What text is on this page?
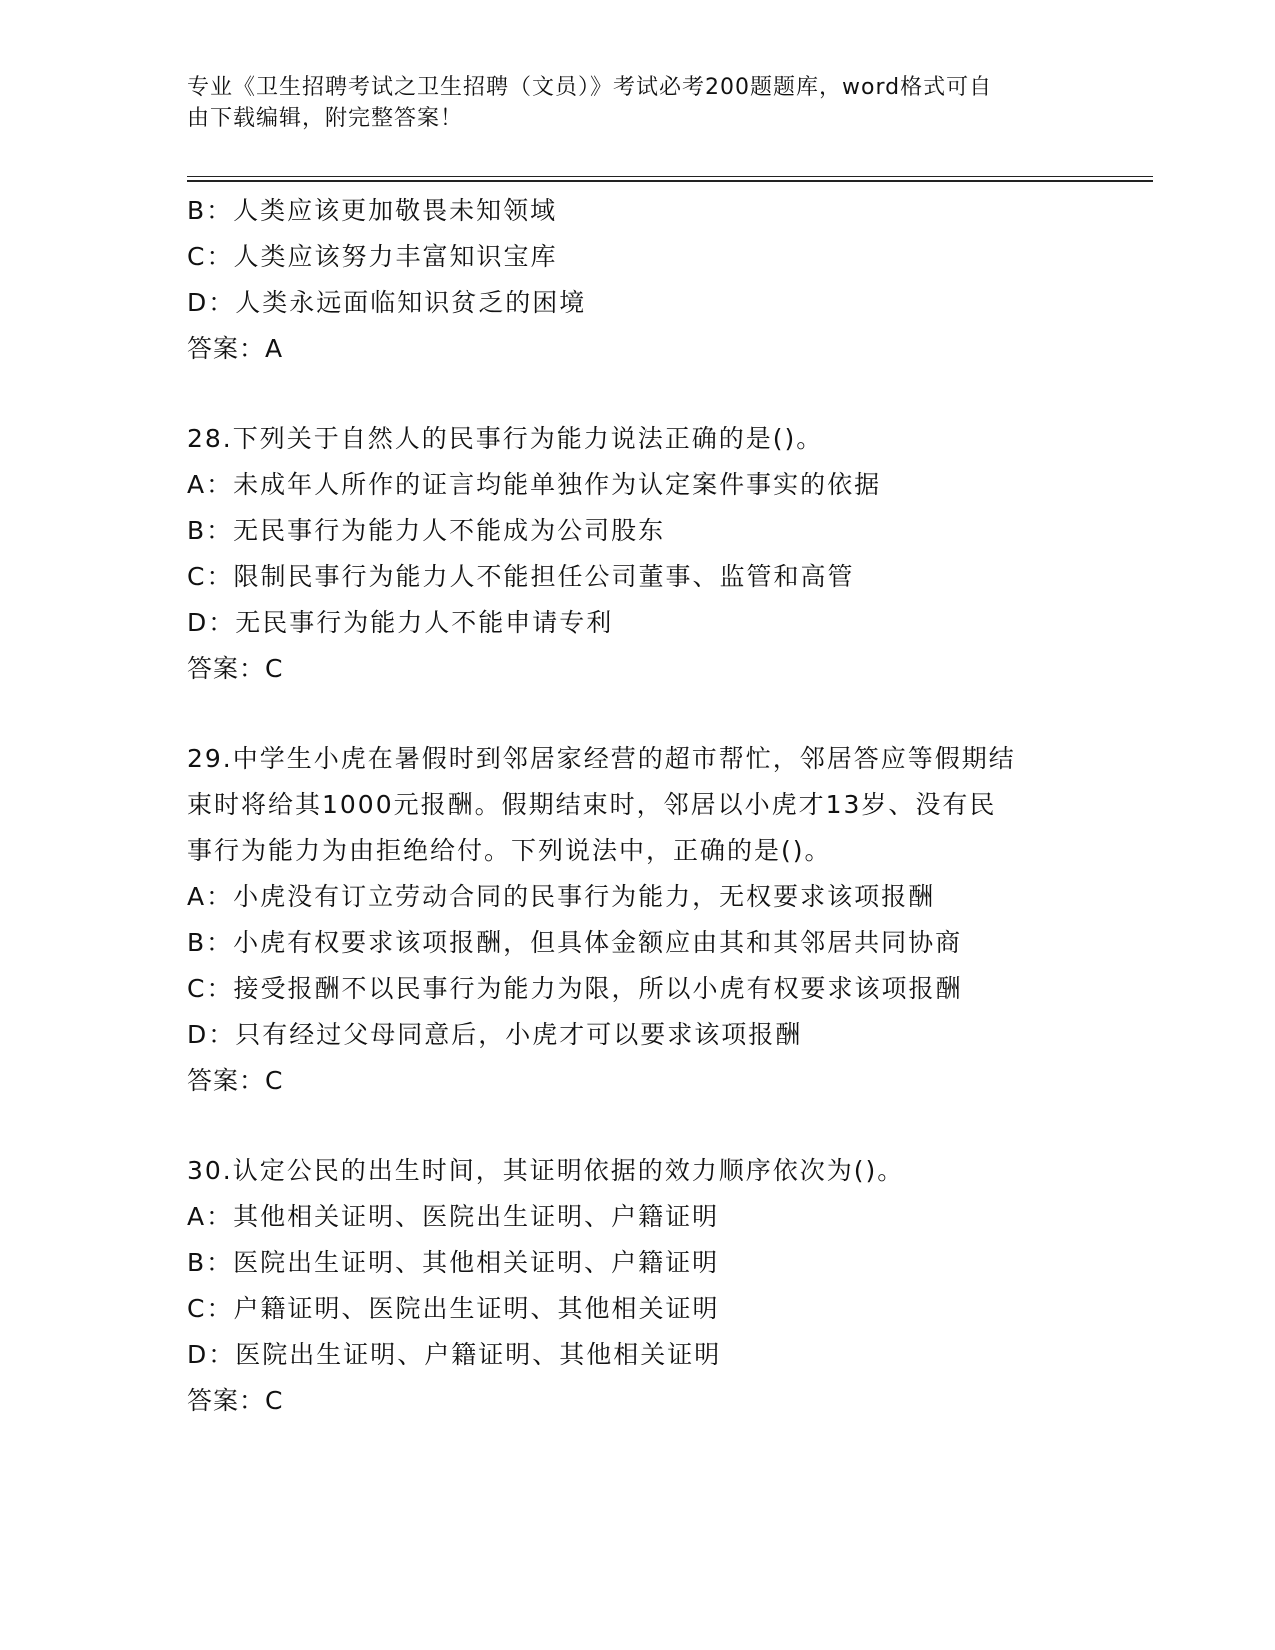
专业《卫生招聘考试之卫生招聘（文员）》考试必考200题题库，word格式可自
由下载编辑，附完整答案！
B：人类应该更加敬畏未知领域
C：人类应该努力丰富知识宝库
D：人类永远面临知识贫乏的困境
答案：A
28.下列关于自然人的民事行为能力说法正确的是()。
A：未成年人所作的证言均能单独作为认定案件事实的依据
B：无民事行为能力人不能成为公司股东
C：限制民事行为能力人不能担任公司董事、监管和高管
D：无民事行为能力人不能申请专利
答案：C
29.中学生小虎在暑假时到邻居家经营的超市帮忙，邻居答应等假期结
束时将给其1000元报酬。假期结束时，邻居以小虎才13岁、没有民
事行为能力为由拒绝给付。下列说法中，正确的是()。
A：小虎没有订立劳动合同的民事行为能力，无权要求该项报酬
B：小虎有权要求该项报酬，但具体金额应由其和其邻居共同协商
C：接受报酬不以民事行为能力为限，所以小虎有权要求该项报酬
D：只有经过父母同意后，小虎才可以要求该项报酬
答案：C
30.认定公民的出生时间，其证明依据的效力顺序依次为()。
A：其他相关证明、医院出生证明、户籍证明
B：医院出生证明、其他相关证明、户籍证明
C：户籍证明、医院出生证明、其他相关证明
D：医院出生证明、户籍证明、其他相关证明
答案：C
